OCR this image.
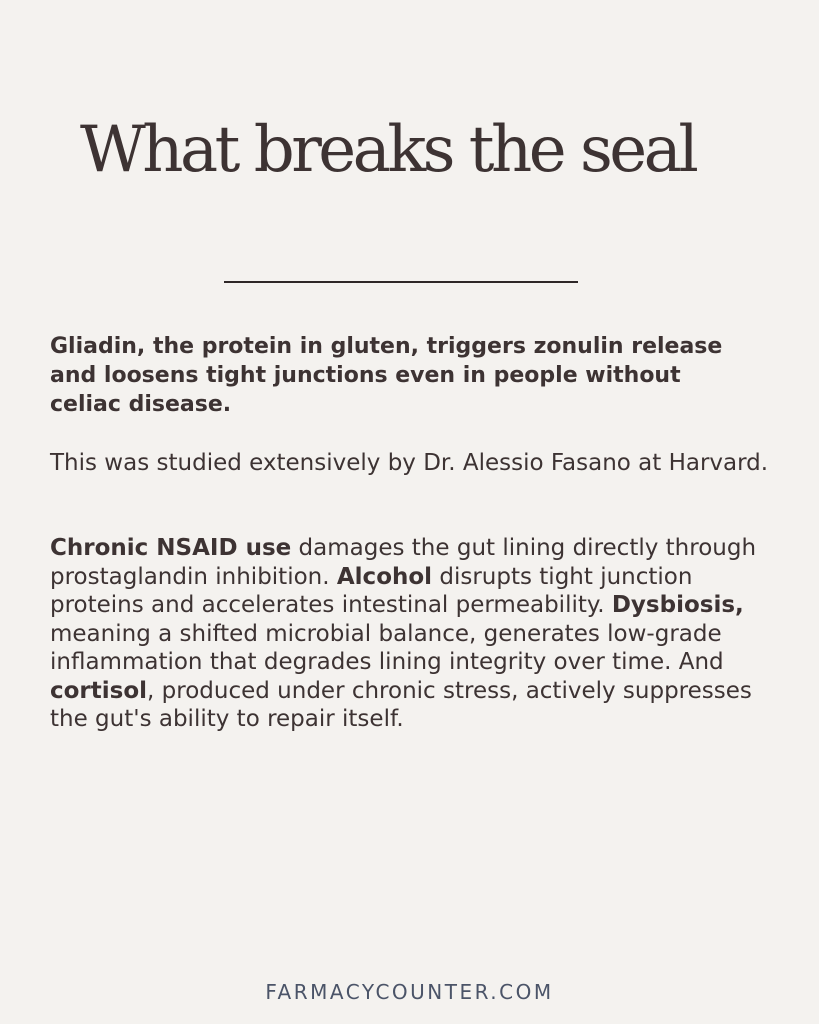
What breaks the seal

Gliadin, the protein in gluten, triggers zonulin release and loosens tight junctions even in people without celiac disease.

This was studied extensively by Dr. Alessio Fasano at Harvard.

Chronic NSAID use damages the gut lining directly through prostaglandin inhibition. Alcohol disrupts tight junction proteins and accelerates intestinal permeability. Dysbiosis, meaning a shifted microbial balance, generates low-grade inflammation that degrades lining integrity over time. And cortisol, produced under chronic stress, actively suppresses the gut's ability to repair itself.

FARMACYCOUNTER.COM
